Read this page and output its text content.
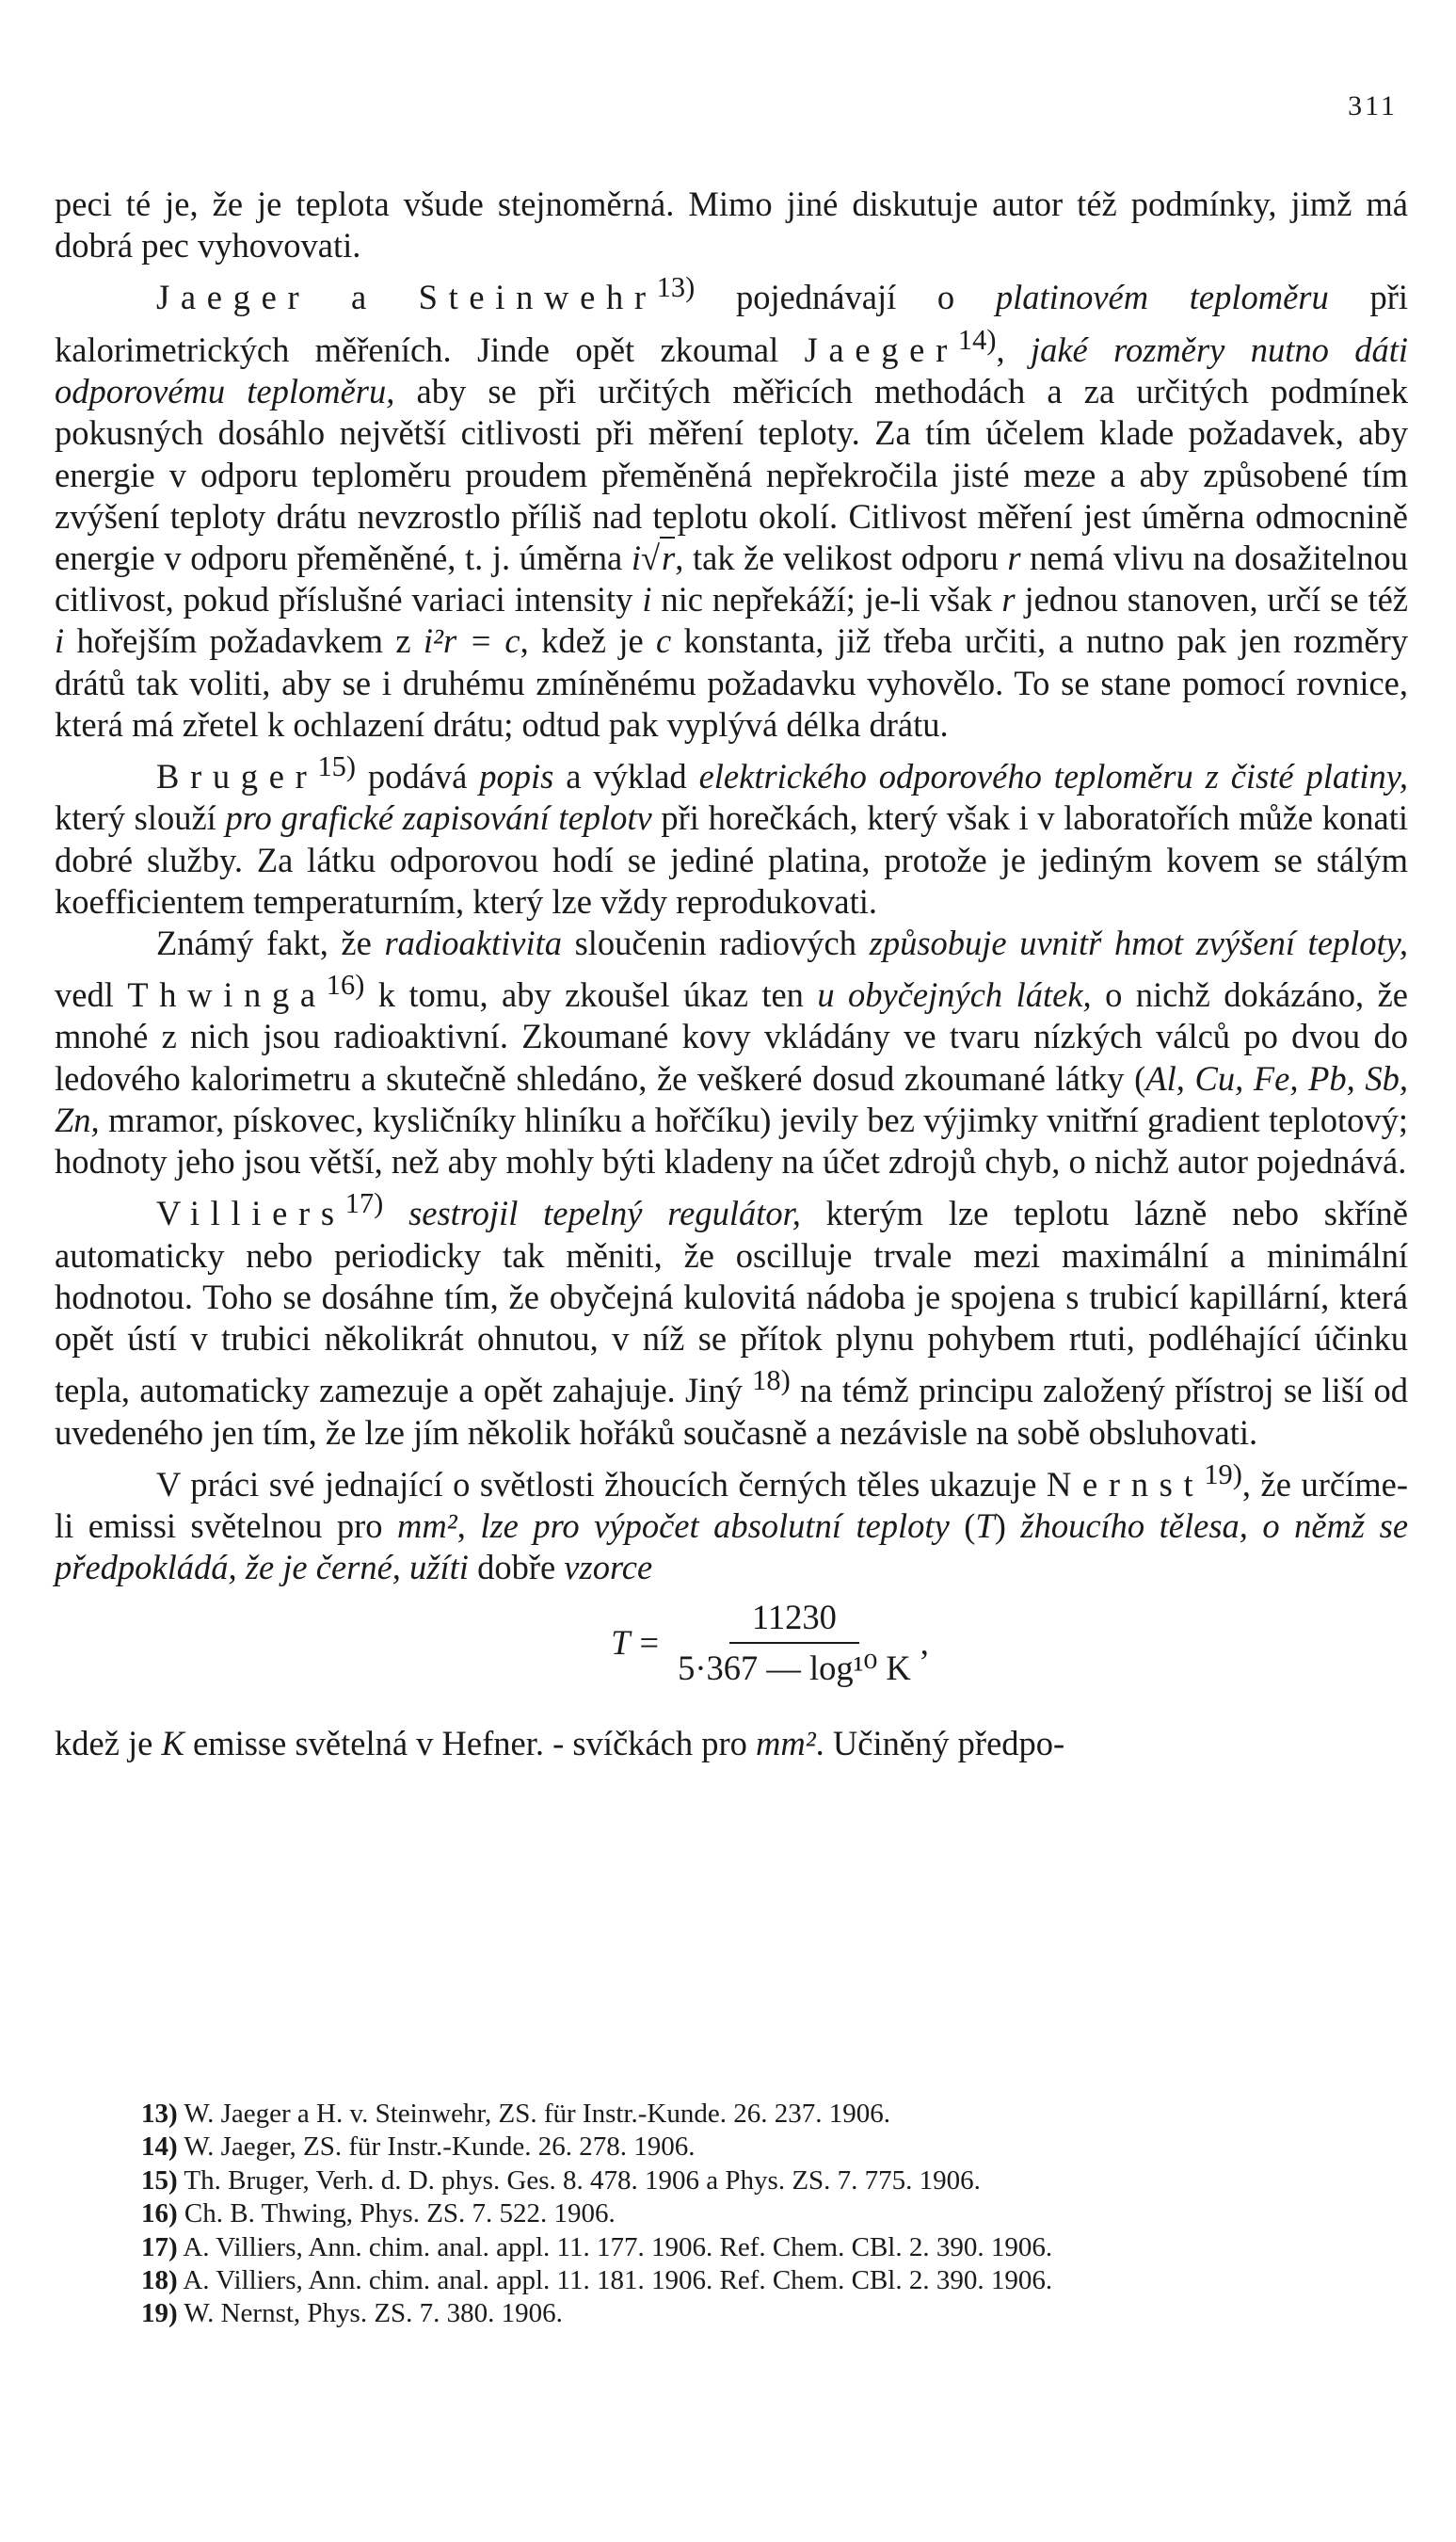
311

peci té je, že je teplota všude stejnoměrná. Mimo jiné diskutuje autor též podmínky, jimž má dobrá pec vyhovovati.

Jaeger a Steinwehr$^{13)}$ pojednávají o platinovém teploměru při kalorimetrických měřeních. Jinde opět zkoumal Jaeger$^{14)}$, jaké rozměry nutno dáti odporovému teploměru, aby se při určitých měřicích methodách a za určitých podmínek pokusných dosáhlo největší citlivosti při měření teploty. Za tím účelem klade požadavek, aby energie v odporu teploměru proudem přeměněná nepřekročila jisté meze a aby způsobené tím zvýšení teploty drátu nevzrostlo příliš nad teplotu okolí. Citlivost měření jest úměrna odmocnině energie v odporu přeměněné, t. j. úměrna i√r, tak že velikost odporu r nemá vlivu na dosažitelnou citlivost, pokud příslušné variaci intensity i nic nepřekáží; je-li však r jednou stanoven, určí se též i hořejším požadavkem z i²r = c, kdež je c konstanta, již třeba určiti, a nutno pak jen rozměry drátů tak voliti, aby se i druhému zmíněnému požadavku vyhovělo. To se stane pomocí rovnice, která má zřetel k ochlazení drátu; odtud pak vyplývá délka drátu.

Bruger$^{15)}$ podává popis a výklad elektrického odporového teploměru z čisté platiny, který slouží pro grafické zapisování teplotv při horečkách, který však i v laboratořích může konati dobré služby. Za látku odporovou hodí se jediné platina, protože je jediným kovem se stálým koefficientem temperaturním, který lze vždy reprodukovati.

Známý fakt, že radioaktivita sloučenin radiových způsobuje uvnitř hmot zvýšení teploty, vedl Thwinga$^{16)}$ k tomu, aby zkoušel úkaz ten u obyčejných látek, o nichž dokázáno, že mnohé z nich jsou radioaktivní. Zkoumané kovy vkládány ve tvaru nízkých válců po dvou do ledového kalorimetru a skutečně shledáno, že veškeré dosud zkoumané látky (Al, Cu, Fe, Pb, Sb, Zn, mramor, pískovec, kysličníky hliníku a hořčíku) jevily bez výjimky vnitřní gradient teplotový; hodnoty jeho jsou větší, než aby mohly býti kladeny na účet zdrojů chyb, o nichž autor pojednává.

Villiers$^{17)}$ sestrojil tepelný regulátor, kterým lze teplotu lázně nebo skříně automaticky nebo periodicky tak měniti, že oscilluje trvale mezi maximální a minimální hodnotou. Toho se dosáhne tím, že obyčejná kulovitá nádoba je spojena s trubicí kapillární, která opět ústí v trubici několikrát ohnutou, v níž se přítok plynu pohybem rtuti, podléhající účinku tepla, automaticky zamezuje a opět zahajuje. Jiný $^{18)}$ na témž principu založený přístroj se liší od uvedeného jen tím, že lze jím několik hořáků současně a nezávisle na sobě obsluhovati.

V práci své jednající o světlosti žhoucích černých těles ukazuje Nernst$^{19)}$, že určíme-li emissi světelnou pro mm², lze pro výpočet absolutní teploty (T) žhoucího tělesa, o němž se předpokládá, že je černé, užíti dobře vzorce

$T = \frac{11230}{\text{5·367 — log¹⁰ K}}$ ,

kdež je K emisse světelná v Hefner. - svíčkách pro mm². Učiněný předpo-

13) W. Jaeger a H. v. Steinwehr, ZS. für Instr.-Kunde. 26. 237. 1906.

14) W. Jaeger, ZS. für Instr.-Kunde. 26. 278. 1906.

15) Th. Bruger, Verh. d. D. phys. Ges. 8. 478. 1906 a Phys. ZS. 7. 775. 1906.

16) Ch. B. Thwing, Phys. ZS. 7. 522. 1906.

17) A. Villiers, Ann. chim. anal. appl. 11. 177. 1906. Ref. Chem. CBl. 2. 390. 1906.

18) A. Villiers, Ann. chim. anal. appl. 11. 181. 1906. Ref. Chem. CBl. 2. 390. 1906.

19) W. Nernst, Phys. ZS. 7. 380. 1906.
